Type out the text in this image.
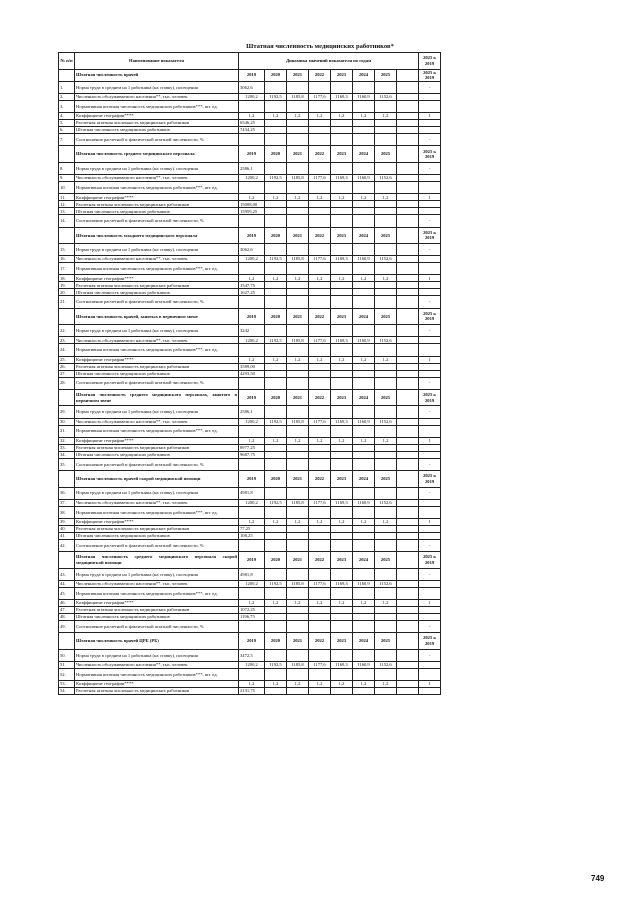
Штатная численность медицинских работников*
№ п/п	Наименование показателя	Динамика значений показателя по годам								2025 к 2019
	Штатная численность врачей	2019	2020	2021	2022	2023	2024	2025		2025 к 2019
1.	Норма труда в среднем на 1 работника (на ставку), посещения	3062,6								-
2.	Численность обслуживаемого населения**, тыс. человек	1200,2	1192,5	1185,8	1177,6	1169,3	1160,9	1152,6		
3.	Нормативная штатная численность медицинских работников***, шт. ед.									
4.	Коэффициент географии****	1,2	1,2	1,2	1,2	1,2	1,2	1,2		1
5.	Расчетная штатная численность медицинских работников	6546,25								
6.	Штатная численность медицинских работников	7434,25								
7.	Соотношение расчетной и фактической штатной численности, %									-
	Штатная численность среднего медицинского персонала	2019	2020	2021	2022	2023	2024	2025		2025 к 2019
8.	Норма труда в среднем на 1 работника (на ставку), посещения	2586,1								-
9.	Численность обслуживаемого населения**, тыс. человек	1200,2	1192,5	1185,8	1177,6	1169,3	1160,9	1152,6		
10.	Нормативная штатная численность медицинских работников***, шт. ед.									
11.	Коэффициент географии****	1,2	1,2	1,2	1,2	1,2	1,2	1,2		1
12.	Расчетная штатная численность медицинских работников	15008,00								
13.	Штатная численность медицинских работников	15959,25								
14.	Соотношение расчетной и фактической штатной численности, %									-
	Штатная численность младшего медицинского персонала	2019	2020	2021	2022	2023	2024	2025		2025 к 2019
15.	Норма труда в среднем на 1 работника (на ставку), посещения	3062,6								-
16.	Численность обслуживаемого населения**, тыс. человек	1200,2	1192,5	1185,8	1177,6	1169,3	1160,9	1152,6		
17.	Нормативная штатная численность медицинских работников***, шт. ед.									
18.	Коэффициент географии****	1,2	1,2	1,2	1,2	1,2	1,2	1,2		1
19.	Расчетная штатная численность медицинских работников	1547,75								
20.	Штатная численность медицинских работников	1627,25								
21.	Соотношение расчетной и фактической штатной численности, %									-
	Штатная численность врачей, занятых в первичном звене	2019	2020	2021	2022	2023	2024	2025		2025 к 2019
22.	Норма труда в среднем на 1 работника (на ставку), посещения	3242								-
23.	Численность обслуживаемого населения**, тыс. человек	1200,2	1192,5	1185,8	1177,6	1169,3	1160,9	1152,6		
24.	Нормативная штатная численность медицинских работников***, шт. ед.									
25.	Коэффициент географии****	1,2	1,2	1,2	1,2	1,2	1,2	1,2		1
26.	Расчетная штатная численность медицинских работников	3589,00								
27.	Штатная численность медицинских работников	4293,50								
28.	Соотношение расчетной и фактической штатной численности, %									-
	Штатная численность среднего медицинского персонала, занятого в первичном звене	2019	2020	2021	2022	2023	2024	2025		2025 к 2019
29.	Норма труда в среднем на 1 работника (на ставку), посещения	2586,1								-
30.	Численность обслуживаемого населения**, тыс. человек	1200,2	1192,5	1185,8	1177,6	1169,3	1160,9	1152,6		
31.	Нормативная штатная численность медицинских работников***, шт. ед.									
32.	Коэффициент географии****	1,2	1,2	1,2	1,2	1,2	1,2	1,2		1
33.	Расчетная штатная численность медицинских работников	8977,25								
34.	Штатная численность медицинских работников	9687,75								
35.	Соотношение расчетной и фактической штатной численности, %									-
	Штатная численность врачей скорой медицинской помощи	2019	2020	2021	2022	2023	2024	2025		2025 к 2019
36.	Норма труда в среднем на 1 работника (на ставку), посещения	4981,8								-
37.	Численность обслуживаемого населения**, тыс. человек	1200,2	1192,5	1185,8	1177,6	1169,3	1160,9	1152,6		
38.	Нормативная штатная численность медицинских работников***, шт. ед.									
39.	Коэффициент географии****	1,2	1,2	1,2	1,2	1,2	1,2	1,2		1
40.	Расчетная штатная численность медицинских работников	77,25								
41.	Штатная численность медицинских работников	108,25								
42.	Соотношение расчетной и фактической штатной численности, %									-
	Штатная численность среднего медицинского персонала скорой медицинской помощи	2019	2020	2021	2022	2023	2024	2025		2025 к 2019
43.	Норма труда в среднем на 1 работника (на ставку), посещения	4981,8								-
44.	Численность обслуживаемого населения**, тыс. человек	1200,2	1192,5	1185,8	1177,6	1169,3	1160,9	1152,6		
45.	Нормативная штатная численность медицинских работников***, шт. ед.									
46.	Коэффициент географии****	1,2	1,2	1,2	1,2	1,2	1,2	1,2		1
47.	Расчетная штатная численность медицинских работников	1072,25								
48.	Штатная численность медицинских работников	1196,75								
49.	Соотношение расчетной и фактической штатной численности, %									-
	Штатная численность врачей ЦРБ (РБ)	2019	2020	2021	2022	2023	2024	2025		2025 к 2019
50.	Норма труда в среднем на 1 работника (на ставку), посещения	3472,5								-
51.	Численность обслуживаемого населения**, тыс. человек	1200,2	1192,5	1185,8	1177,6	1169,3	1160,9	1152,6		
52.	Нормативная штатная численность медицинских работников***, шт. ед.									
53.	Коэффициент географии****	1,2	1,2	1,2	1,2	1,2	1,2	1,2		1
54.	Расчетная штатная численность медицинских работников	2131,75								
749
